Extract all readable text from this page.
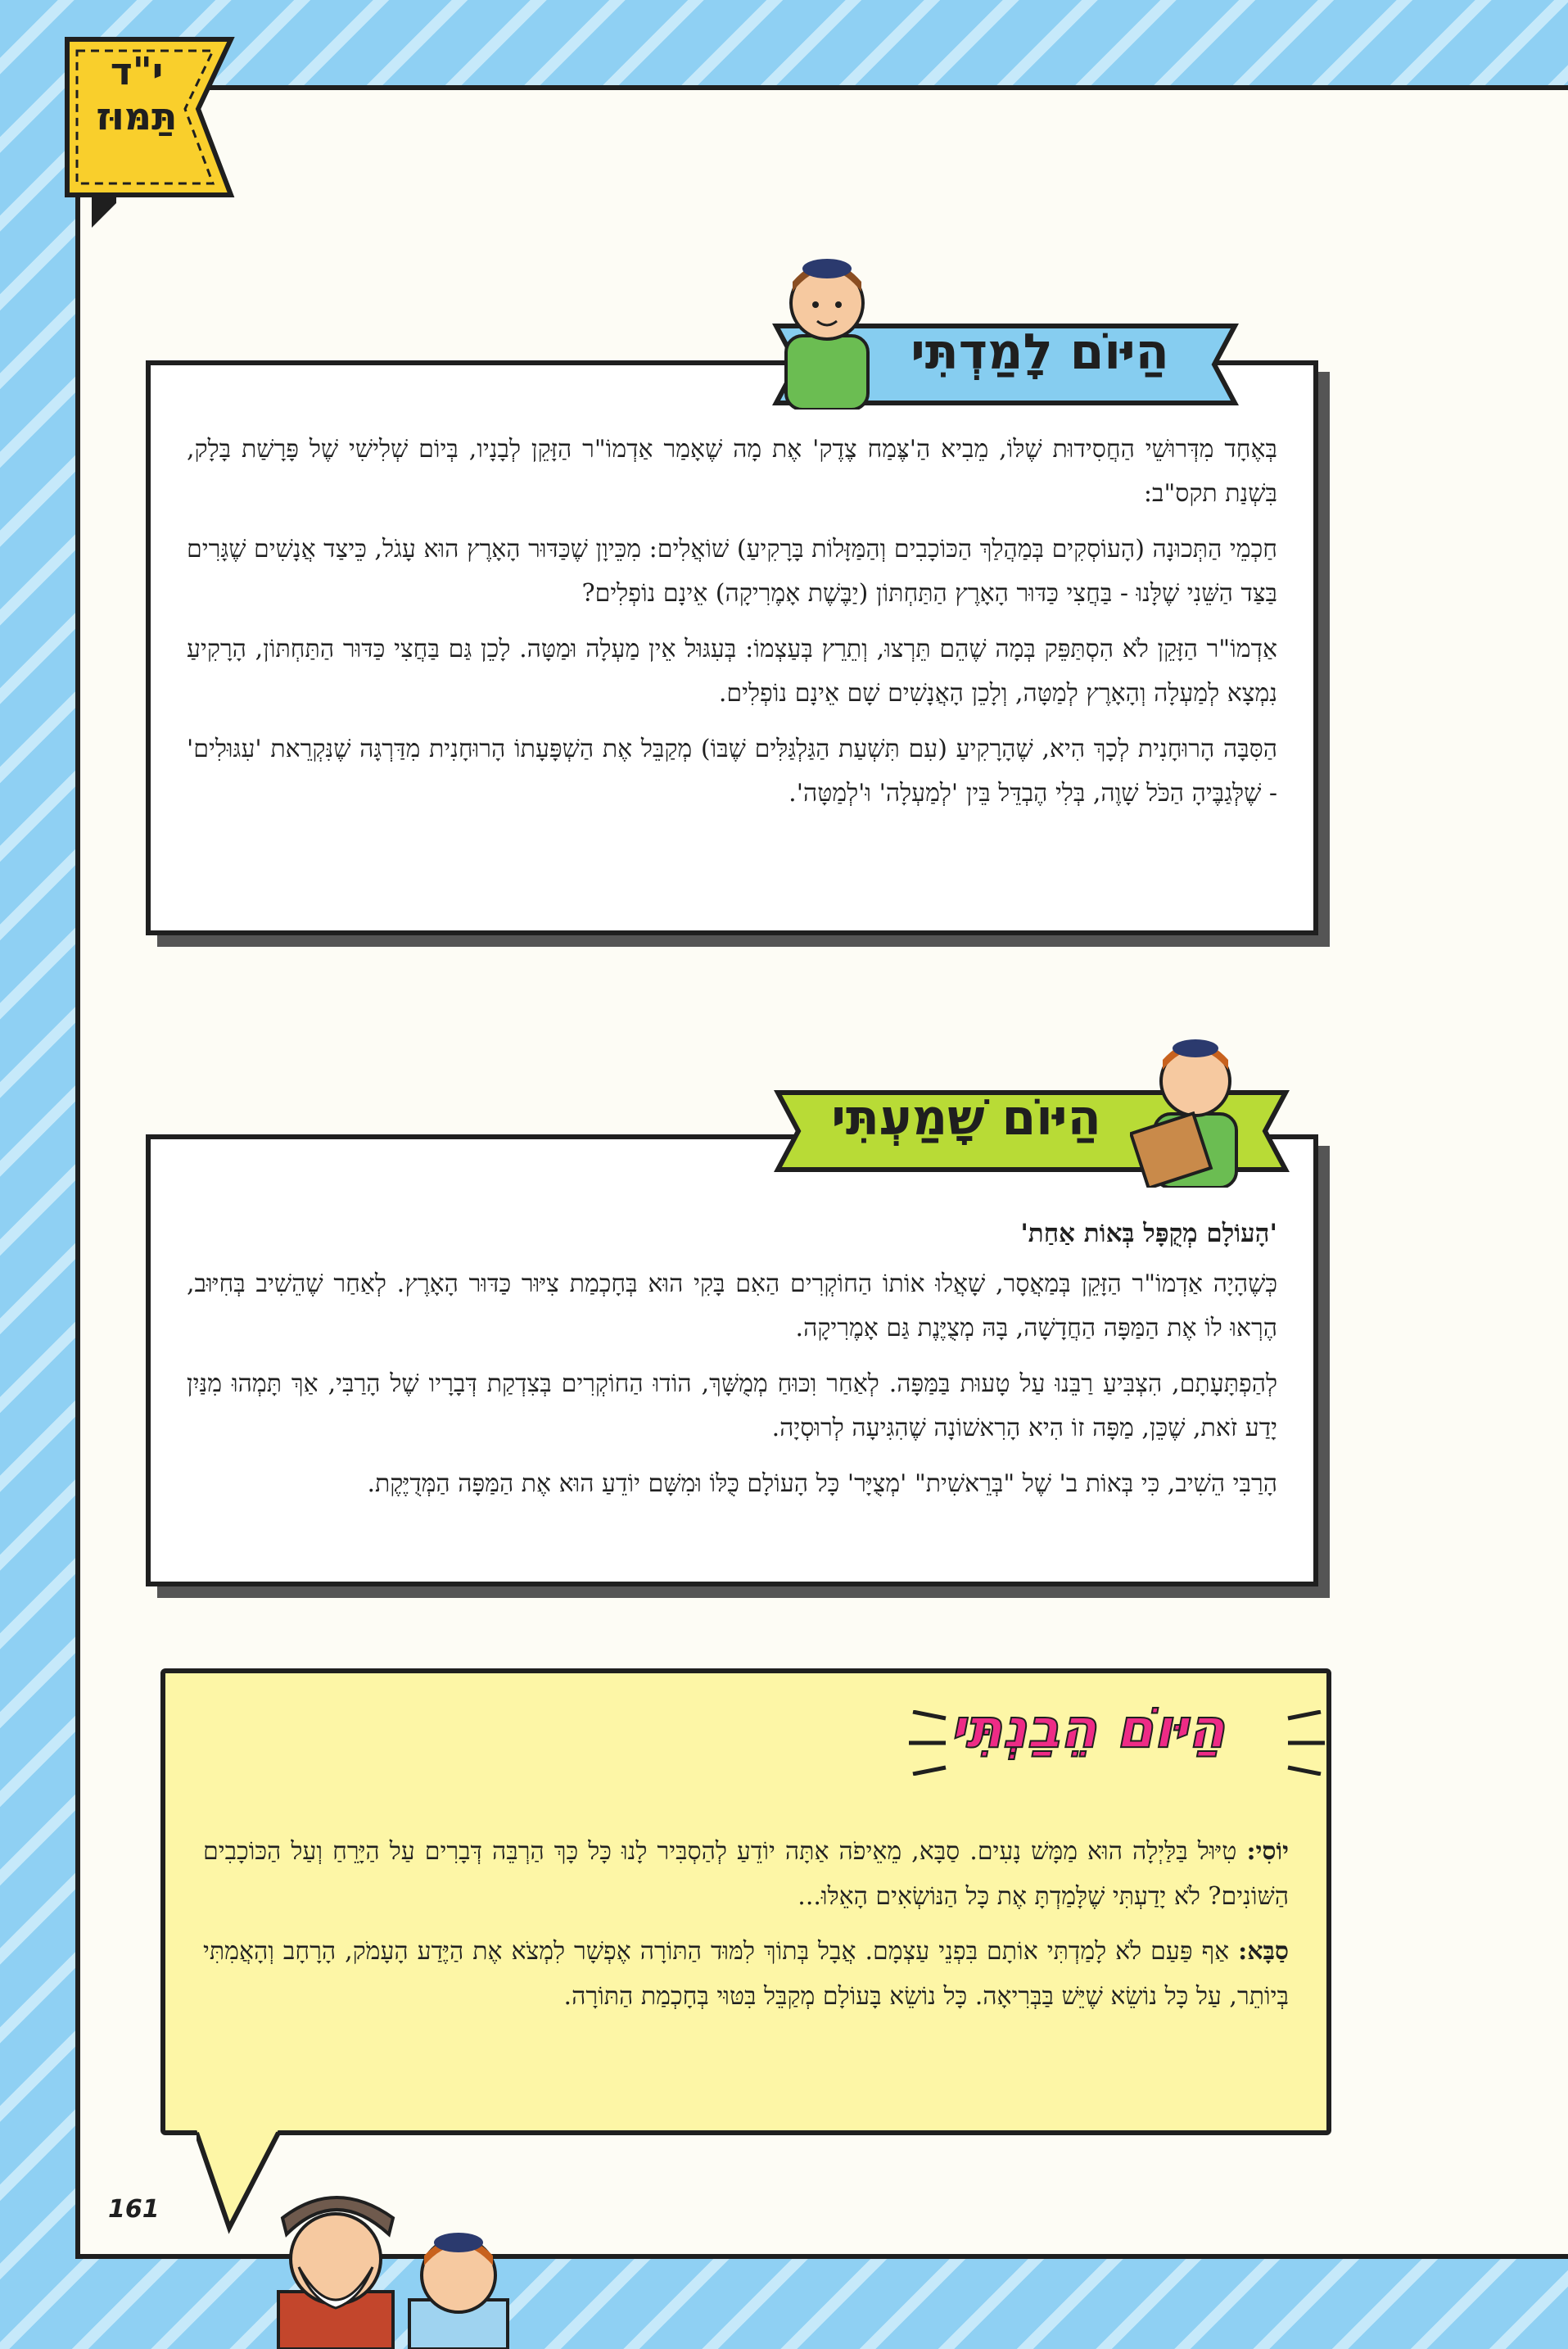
י"ד
תַּמּוּז

בְּאֶחָד מִדְּרוּשֵׁי הַחֲסִידוּת שֶׁלּוֹ, מֵבִיא הַ'צֶּמַח צֶדֶק' אֶת מָה שֶׁאָמַר אַדְמוֹ"ר הַזָּקֵן לְבָנָיו, בְּיוֹם שְׁלִישִׁי שֶׁל פָּרָשַׁת בָּלָק, בִּשְׁנַת תקס"ב:

חַכְמֵי הַתְּכוּנָה (הָעוֹסְקִים בְּמַהֲלַךְ הַכּוֹכָבִים וְהַמַּזָּלוֹת בָּרָקִיעַ) שׁוֹאֲלִים: מִכֵּיוָן שֶׁכַּדּוּר הָאָרֶץ הוּא עָגֹל, כֵּיצַד אֲנָשִׁים שֶׁגָּרִים בַּצַּד הַשֵּׁנִי שֶׁלָּנוּ - בַּחֲצִי כַּדּוּר הָאָרֶץ הַתַּחְתּוֹן (יַבֶּשֶׁת אָמֶרִיקָה) אֵינָם נוֹפְלִים?

אַדְמוֹ"ר הַזָּקֵן לֹא הִסְתַּפֵּק בְּמָה שֶׁהֵם תֵּרְצוּ, וְתֵרֵץ בְּעַצְמוֹ: בְּעִגּוּל אֵין מַעְלָה וּמַטָּה. לָכֵן גַּם בַּחֲצִי כַּדּוּר הַתַּחְתּוֹן, הָרָקִיעַ נִמְצָא לְמַעְלָה וְהָאָרֶץ לְמַטָּה, וְלָכֵן הָאֲנָשִׁים שָׁם אֵינָם נוֹפְלִים.

הַסִּבָּה הָרוּחָנִית לְכָךְ הִיא, שֶׁהָרָקִיעַ (עִם תִּשְׁעַת הַגַּלְגַּלִּים שֶׁבּוֹ) מְקַבֵּל אֶת הַשְׁפָּעָתוֹ הָרוּחָנִית מִדַּרְגָּה שֶׁנִּקְרֵאת 'עִגּוּלִים' - שֶׁלְּגַבֶּיהָ הַכֹּל שָׁוֶה, בְּלִי הֶבְדֵּל בֵּין 'לְמַעְלָה' וּ'לְמַטָּה'.

הַיּוֹם לָמַדְתִּי

'הָעוֹלָם מְקֻפָּל בְּאוֹת אַחַת'

כְּשֶׁהָיָה אַדְמוֹ"ר הַזָּקֵן בְּמַאֲסָר, שָׁאֲלוּ אוֹתוֹ הַחוֹקְרִים הַאִם בָּקִי הוּא בְּחָכְמַת צִיּוּר כַּדּוּר הָאָרֶץ. לְאַחַר שֶׁהֵשִׁיב בְּחִיּוּב, הֶרְאוּ לוֹ אֶת הַמַּפָּה הַחֲדָשָׁה, בָּהּ מְצֻיֶּנֶת גַּם אָמֶרִיקָה.

לְהַפְתָּעָתָם, הִצְבִּיעַ רַבֵּנוּ עַל טָעוּת בַּמַּפָּה. לְאַחַר וִכּוּחַ מְמֻשָּׁךְ, הוֹדוּ הַחוֹקְרִים בְּצִדְקַת דְּבָרָיו שֶׁל הָרַבִּי, אַךְ תָּמְהוּ מִנַּיִן יָדַע זֹאת, שֶׁכֵּן, מַפָּה זוֹ הִיא הָרִאשׁוֹנָה שֶׁהִגִּיעָה לְרוּסְיָה.

הָרַבִּי הֵשִׁיב, כִּי בְּאוֹת ב' שֶׁל "בְּרֵאשִׁית" 'מְצֻיָּר' כָּל הָעוֹלָם כֻּלּוֹ וּמִשָּׁם יוֹדֵעַ הוּא אֶת הַמַּפָּה הַמְּדֻיֶּקֶת.

הַיּוֹם שָׁמַעְתִּי

יוֹסִי: טִיּוּל בַּלַּיְלָה הוּא מַמָּשׁ נָעִים. סַבָּא, מֵאֵיפֹה אַתָּה יוֹדֵעַ לְהַסְבִּיר לָנוּ כָּל כָּךְ הַרְבֵּה דְּבָרִים עַל הַיָּרֵחַ וְעַל הַכּוֹכָבִים הַשּׁוֹנִים? לֹא יָדַעְתִּי שֶׁלָּמַדְתָּ אֶת כָּל הַנּוֹשְׂאִים הָאֵלּוּ...

סַבָּא: אַף פַּעַם לֹא לָמַדְתִּי אוֹתָם בִּפְנֵי עַצְמָם. אֲבָל בְּתוֹךְ לִמּוּד הַתּוֹרָה אֶפְשָׁר לִמְצֹא אֶת הַיֶּדַע הָעָמֹק, הָרָחָב וְהָאֲמִתִּי בְּיוֹתֵר, עַל כָּל נוֹשֵׂא שֶׁיֵּשׁ בַּבְּרִיאָה. כָּל נוֹשֵׂא בָּעוֹלָם מְקַבֵּל בִּטּוּי בְּחָכְמַת הַתּוֹרָה.

הַיּוֹם הֵבַנְתִּי
161
